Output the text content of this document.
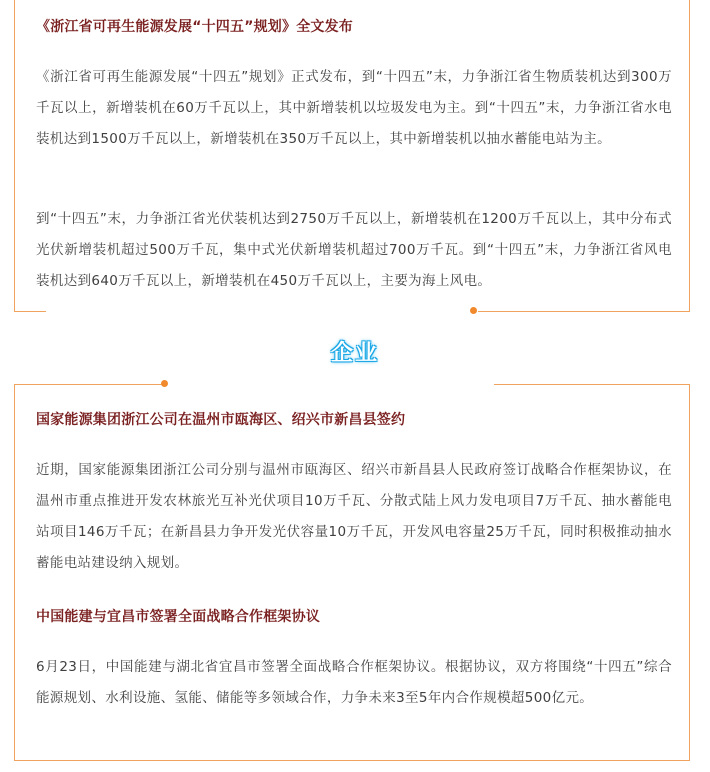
《浙江省可再生能源发展“十四五”规划》全文发布
《浙江省可再生能源发展“十四五”规划》正式发布，到“十四五”末，力争浙江省生物质装机达到300万千瓦以上，新增装机在60万千瓦以上，其中新增装机以垃圾发电为主。到“十四五”末，力争浙江省水电装机达到1500万千瓦以上，新增装机在350万千瓦以上，其中新增装机以抽水蓄能电站为主。
到“十四五”末，力争浙江省光伏装机达到2750万千瓦以上，新增装机在1200万千瓦以上，其中分布式光伏新增装机超过500万千瓦，集中式光伏新增装机超过700万千瓦。到“十四五”末，力争浙江省风电装机达到640万千瓦以上，新增装机在450万千瓦以上，主要为海上风电。
企业
国家能源集团浙江公司在温州市瓯海区、绍兴市新昌县签约
近期，国家能源集团浙江公司分别与温州市瓯海区、绍兴市新昌县人民政府签订战略合作框架协议，在温州市重点推进开发农林旅光互补光伏项目10万千瓦、分散式陆上风力发电项目7万千瓦、抽水蓄能电站项目146万千瓦；在新昌县力争开发光伏容量10万千瓦，开发风电容量25万千瓦，同时积极推动抽水蓄能电站建设纳入规划。
中国能建与宜昌市签署全面战略合作框架协议
6月23日，中国能建与湖北省宜昌市签署全面战略合作框架协议。根据协议，双方将围绕“十四五”综合能源规划、水利设施、氢能、储能等多领域合作，力争未来3至5年内合作规模超500亿元。
